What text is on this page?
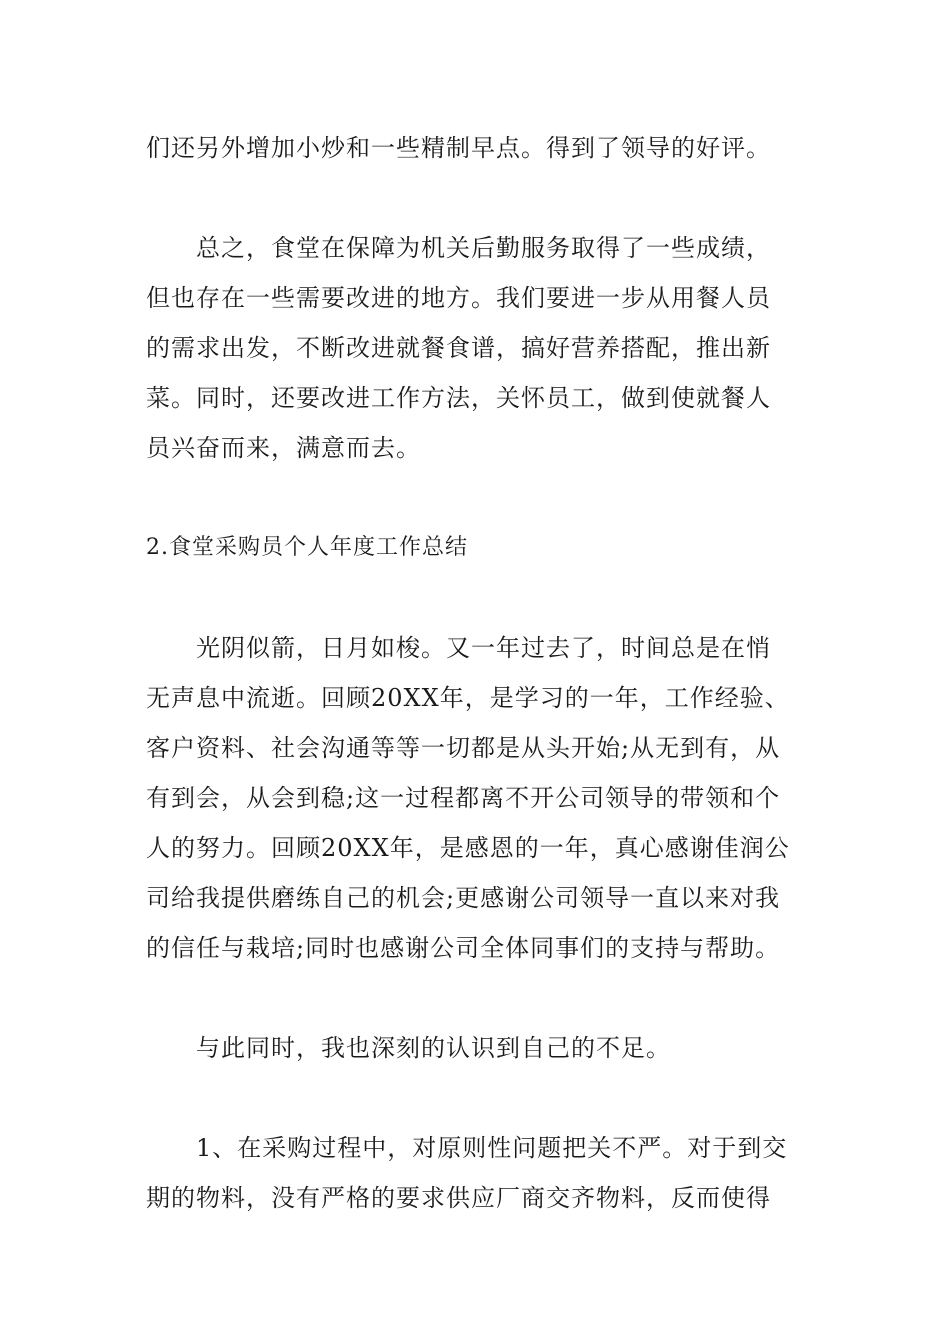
们还另外增加小炒和一些精制早点。得到了领导的好评。
　　总之，食堂在保障为机关后勤服务取得了一些成绩，
但也存在一些需要改进的地方。我们要进一步从用餐人员
的需求出发，不断改进就餐食谱，搞好营养搭配，推出新
菜。同时，还要改进工作方法，关怀员工，做到使就餐人
员兴奋而来，满意而去。
2.食堂采购员个人年度工作总结
　　光阴似箭，日月如梭。又一年过去了，时间总是在悄
无声息中流逝。回顾20XX年，是学习的一年，工作经验、
客户资料、社会沟通等等一切都是从头开始;从无到有，从
有到会，从会到稳;这一过程都离不开公司领导的带领和个
人的努力。回顾20XX年，是感恩的一年，真心感谢佳润公
司给我提供磨练自己的机会;更感谢公司领导一直以来对我
的信任与栽培;同时也感谢公司全体同事们的支持与帮助。
　　与此同时，我也深刻的认识到自己的不足。
　　1、在采购过程中，对原则性问题把关不严。对于到交
期的物料，没有严格的要求供应厂商交齐物料，反而使得
